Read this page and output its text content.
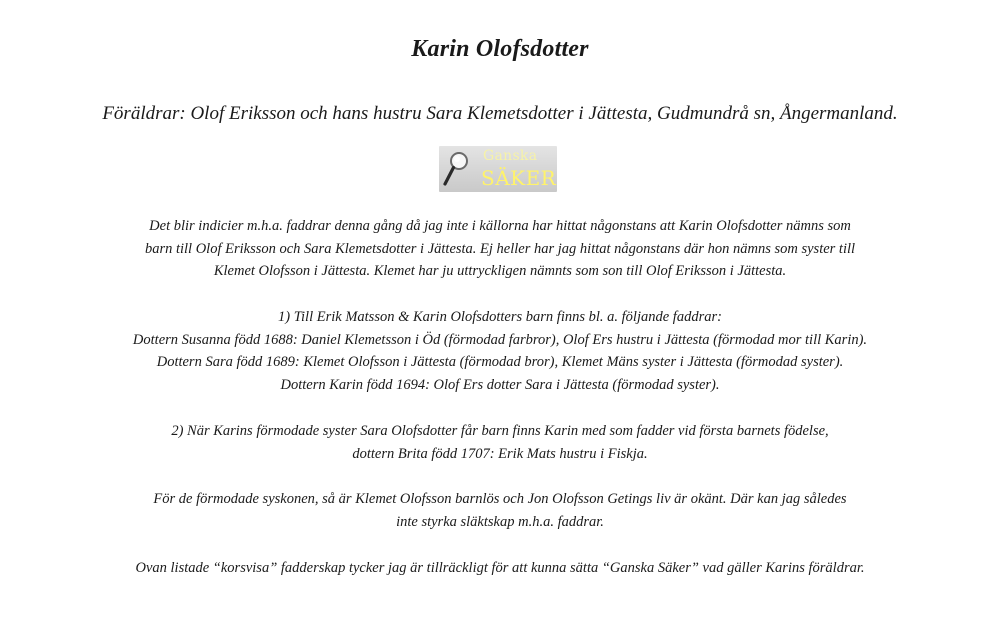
Karin Olofsdotter
Föräldrar: Olof Eriksson och hans hustru Sara Klemetsdotter i Jättesta, Gudmundrå sn, Ångermanland.
Ganska
SÄKER
Det blir indicier m.h.a. faddrar denna gång då jag inte i källorna har hittat någonstans att Karin Olofsdotter nämns som
barn till Olof Eriksson och Sara Klemetsdotter i Jättesta. Ej heller har jag hittat någonstans där hon nämns som syster till
Klemet Olofsson i Jättesta. Klemet har ju uttryckligen nämnts som son till Olof Eriksson i Jättesta.
1) Till Erik Matsson & Karin Olofsdotters barn finns bl. a. följande faddrar:
Dottern Susanna född 1688: Daniel Klemetsson i Öd (förmodad farbror), Olof Ers hustru i Jättesta (förmodad mor till Karin).
Dottern Sara född 1689: Klemet Olofsson i Jättesta (förmodad bror), Klemet Mäns syster i Jättesta (förmodad syster).
Dottern Karin född 1694: Olof Ers dotter Sara i Jättesta (förmodad syster).
2) När Karins förmodade syster Sara Olofsdotter får barn finns Karin med som fadder vid första barnets födelse,
dottern Brita född 1707: Erik Mats hustru i Fiskja.
För de förmodade syskonen, så är Klemet Olofsson barnlös och Jon Olofsson Getings liv är okänt. Där kan jag således
inte styrka släktskap m.h.a. faddrar.
Ovan listade “korsvisa” fadderskap tycker jag är tillräckligt för att kunna sätta “Ganska Säker” vad gäller Karins föräldrar.
